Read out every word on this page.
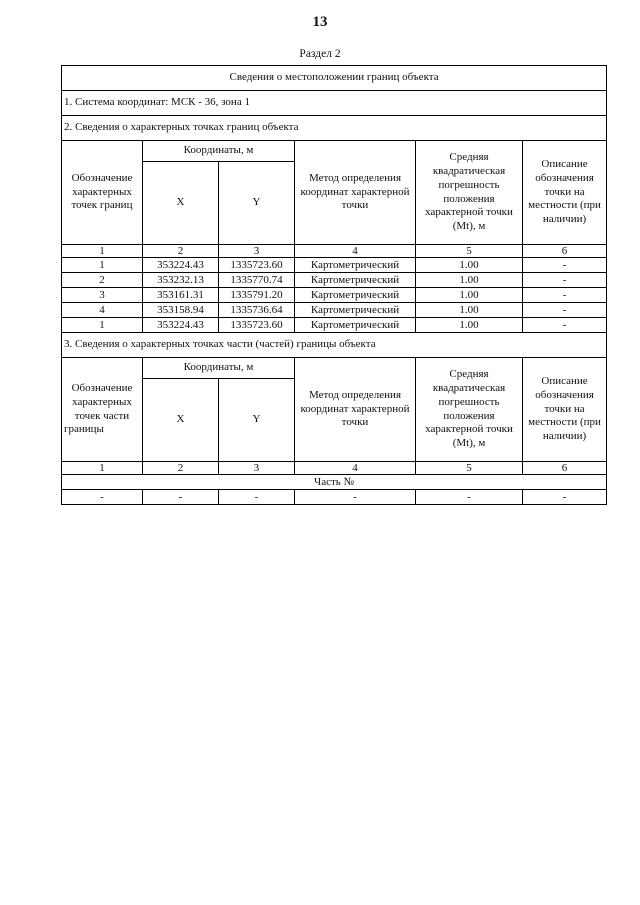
13
Раздел 2
Сведения о местоположении границ объекта					
1. Система координат: МСК - 36, зона 1					
2. Сведения о характерных точках границ объекта					
Обозначение характерных точек границ	Координаты, м		Метод определения координат характерной точки	Средняя квадратическая погрешность положения характерной точки (Mt), м	Описание обозначения точки на местности (при наличии)
	X	Y			
1	2	3	4	5	6
1	353224.43	1335723.60	Картометрический	1.00	-
2	353232.13	1335770.74	Картометрический	1.00	-
3	353161.31	1335791.20	Картометрический	1.00	-
4	353158.94	1335736.64	Картометрический	1.00	-
1	353224.43	1335723.60	Картометрический	1.00	-
3. Сведения о характерных точках части (частей) границы объекта					
Обозначение характерных точек части границы	Координаты, м		Метод определения координат характерной точки	Средняя квадратическая погрешность положения характерной точки (Mt), м	Описание обозначения точки на местности (при наличии)
	X	Y			
1	2	3	4	5	6
Часть №					
-	-	-	-	-	-
